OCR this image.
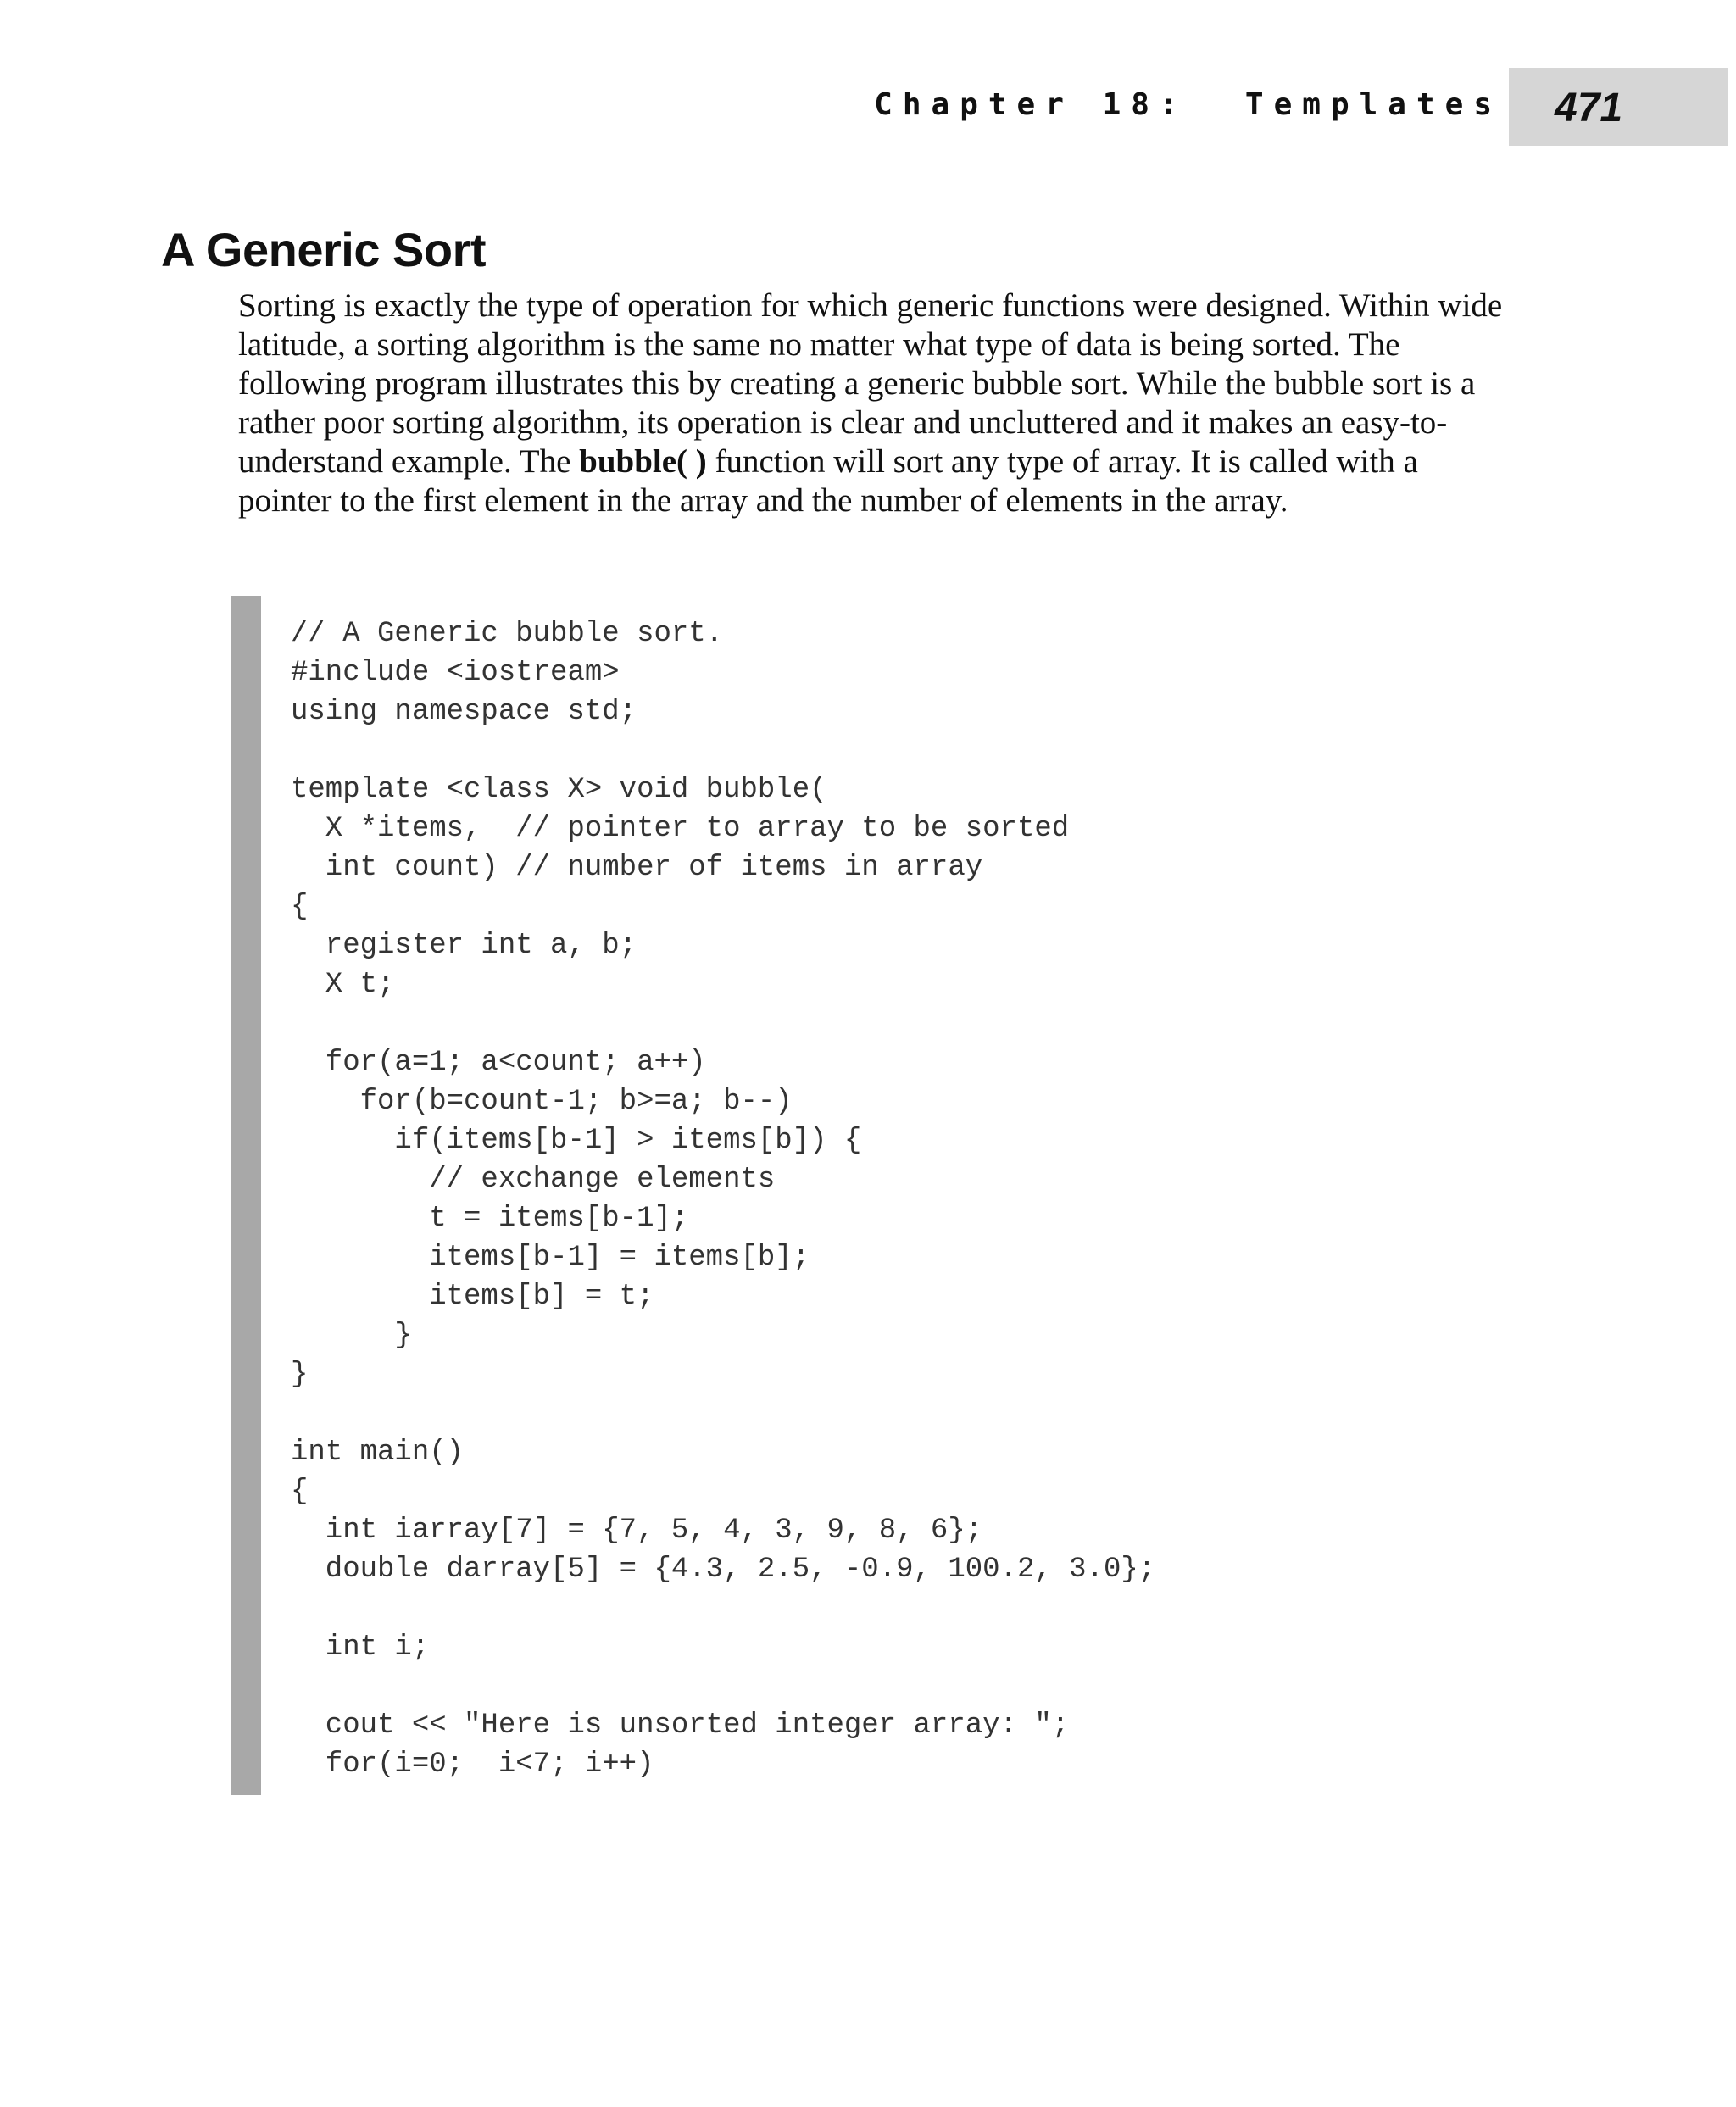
Chapter 18:  Templates 471
A Generic Sort

Sorting is exactly the type of operation for which generic functions were designed. Within wide latitude, a sorting algorithm is the same no matter what type of data is being sorted. The following program illustrates this by creating a generic bubble sort. While the bubble sort is a rather poor sorting algorithm, its operation is clear and uncluttered and it makes an easy-to-understand example. The bubble( ) function will sort any type of array. It is called with a pointer to the first element in the array and the number of elements in the array.

// A Generic bubble sort.
#include <iostream>
using namespace std;
template <class X> void bubble(
X *items,  // pointer to array to be sorted
int count) // number of items in array
{
register int a, b;
X t;
for(a=1; a<count; a++)
for(b=count-1; b>=a; b--)
if(items[b-1] > items[b]) {
// exchange elements
t = items[b-1];
items[b-1] = items[b];
items[b] = t;
}
}
int main()
{
int iarray[7] = {7, 5, 4, 3, 9, 8, 6};
double darray[5] = {4.3, 2.5, -0.9, 100.2, 3.0};
int i;
cout << "Here is unsorted integer array: ";
for(i=0;  i<7; i++)
